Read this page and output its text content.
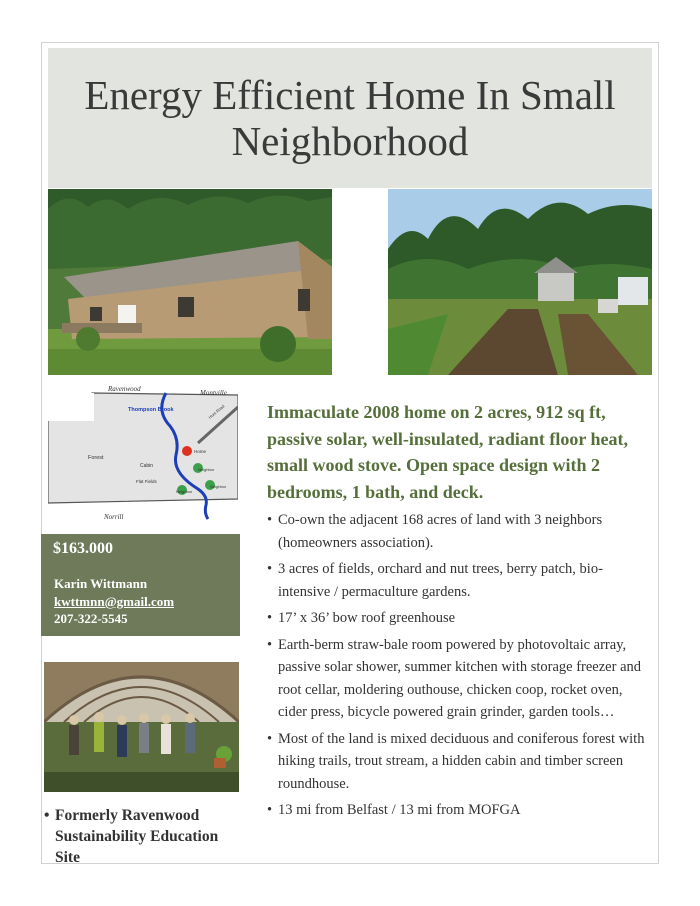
Energy Efficient Home In Small Neighborhood
Ravenwood	Montville
Thompson Brook
Forest
Cabin
Flat Fields
Norrill
Home
Neighbor
Neighbor
Neighbor
Hunt Road
$163.000
Karin Wittmann
kwttmnn@gmail.com
207-322-5545
• Formerly Ravenwood Sustainability Education Site
Immaculate 2008 home on 2 acres, 912 sq ft, passive solar, well-insulated, radiant floor heat, small wood stove. Open space design with 2 bedrooms, 1 bath, and deck.
• Co-own the adjacent 168 acres of land with 3 neighbors (homeowners association).
• 3 acres of fields, orchard and nut trees, berry patch, bio-intensive / permaculture gardens.
• 17’ x 36’ bow roof greenhouse
• Earth-berm straw-bale room powered by photovoltaic array, passive solar shower, summer kitchen with storage freezer and root cellar, moldering outhouse, chicken coop, rocket oven, cider press, bicycle powered grain grinder, garden tools…
• Most of the land is mixed deciduous and coniferous forest with hiking trails, trout stream, a hidden cabin and timber screen roundhouse.
• 13 mi from Belfast / 13 mi from MOFGA
